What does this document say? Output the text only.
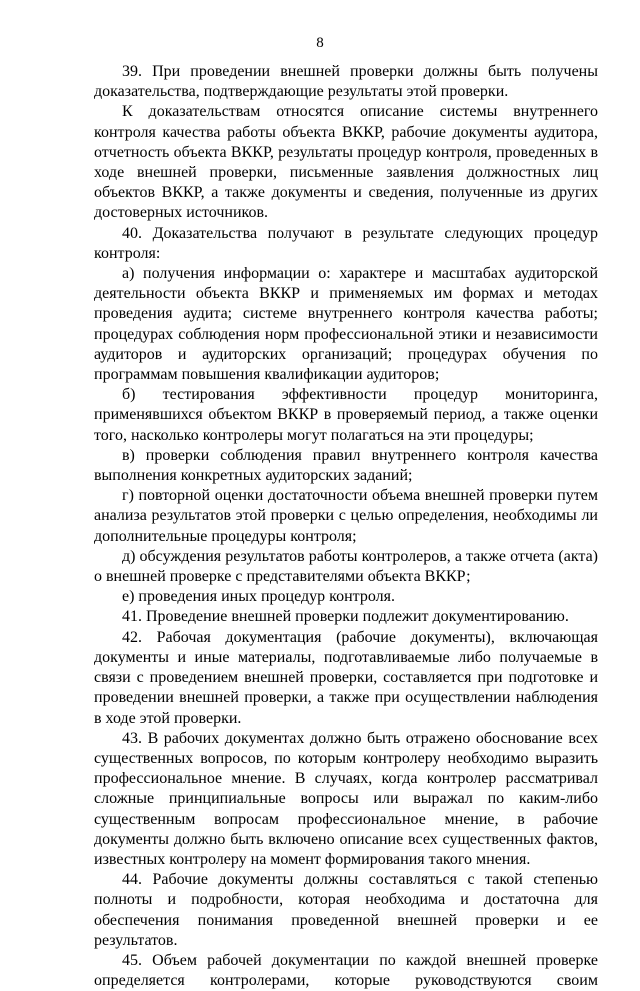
8

39. При проведении внешней проверки должны быть получены доказательства, подтверждающие результаты этой проверки.

К доказательствам относятся описание системы внутреннего контроля качества работы объекта ВККР, рабочие документы аудитора, отчетность объекта ВККР, результаты процедур контроля, проведенных в ходе внешней проверки, письменные заявления должностных лиц объектов ВККР, а также документы и сведения, полученные из других достоверных источников.

40. Доказательства получают в результате следующих процедур контроля:

а) получения информации о: характере и масштабах аудиторской деятельности объекта ВККР и применяемых им формах и методах проведения аудита; системе внутреннего контроля качества работы; процедурах соблюдения норм профессиональной этики и независимости аудиторов и аудиторских организаций; процедурах обучения по программам повышения квалификации аудиторов;

б) тестирования эффективности процедур мониторинга, применявшихся объектом ВККР в проверяемый период, а также оценки того, насколько контролеры могут полагаться на эти процедуры;

в) проверки соблюдения правил внутреннего контроля качества выполнения конкретных аудиторских заданий;

г) повторной оценки достаточности объема внешней проверки путем анализа результатов этой проверки с целью определения, необходимы ли дополнительные процедуры контроля;

д) обсуждения результатов работы контролеров, а также отчета (акта) о внешней проверке с представителями объекта ВККР;

е) проведения иных процедур контроля.

41. Проведение внешней проверки подлежит документированию.

42. Рабочая документация (рабочие документы), включающая документы и иные материалы, подготавливаемые либо получаемые в связи с проведением внешней проверки, составляется при подготовке и проведении внешней проверки, а также при осуществлении наблюдения в ходе этой проверки.

43. В рабочих документах должно быть отражено обоснование всех существенных вопросов, по которым контролеру необходимо выразить профессиональное мнение. В случаях, когда контролер рассматривал сложные принципиальные вопросы или выражал по каким-либо существенным вопросам профессиональное мнение, в рабочие документы должно быть включено описание всех существенных фактов, известных контролеру на момент формирования такого мнения.

44. Рабочие документы должны составляться с такой степенью полноты и подробности, которая необходима и достаточна для обеспечения понимания проведенной внешней проверки и ее результатов.

45. Объем рабочей документации по каждой внешней проверке определяется контролерами, которые руководствуются своим
